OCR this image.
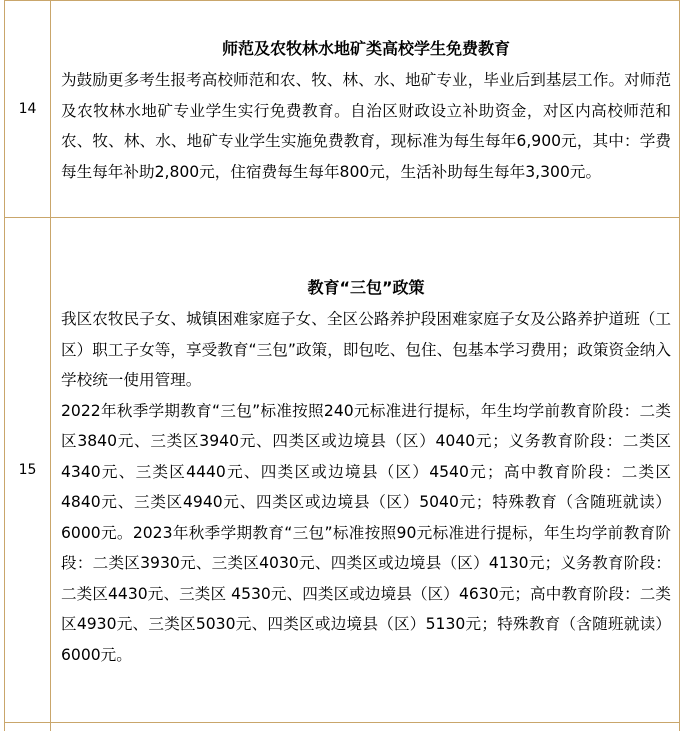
14	师范及农牧林水地矿类高校学生免费教育

为鼓励更多考生报考高校师范和农、牧、林、水、地矿专业，毕业后到基层工作。对师范及农牧林水地矿专业学生实行免费教育。自治区财政设立补助资金，对区内高校师范和农、牧、林、水、地矿专业学生实施免费教育，现标准为每生每年6,900元，其中：学费每生每年补助2,800元，住宿费每生每年800元，生活补助每生每年3,300元。

15	教育“三包”政策

我区农牧民子女、城镇困难家庭子女、全区公路养护段困难家庭子女及公路养护道班（工区）职工子女等，享受教育“三包”政策，即包吃、包住、包基本学习费用；政策资金纳入学校统一使用管理。

2022年秋季学期教育“三包”标准按照240元标准进行提标，年生均学前教育阶段：二类区3840元、三类区3940元、四类区或边境县（区）4040元；义务教育阶段：二类区4340元、三类区4440元、四类区或边境县（区）4540元；高中教育阶段：二类区4840元、三类区4940元、四类区或边境县（区）5040元；特殊教育（含随班就读）6000元。2023年秋季学期教育“三包”标准按照90元标准进行提标，年生均学前教育阶段：二类区3930元、三类区4030元、四类区或边境县（区）4130元；义务教育阶段：二类区4430元、三类区 4530元、四类区或边境县（区）4630元；高中教育阶段：二类区4930元、三类区5030元、四类区或边境县（区）5130元；特殊教育（含随班就读）6000元。
